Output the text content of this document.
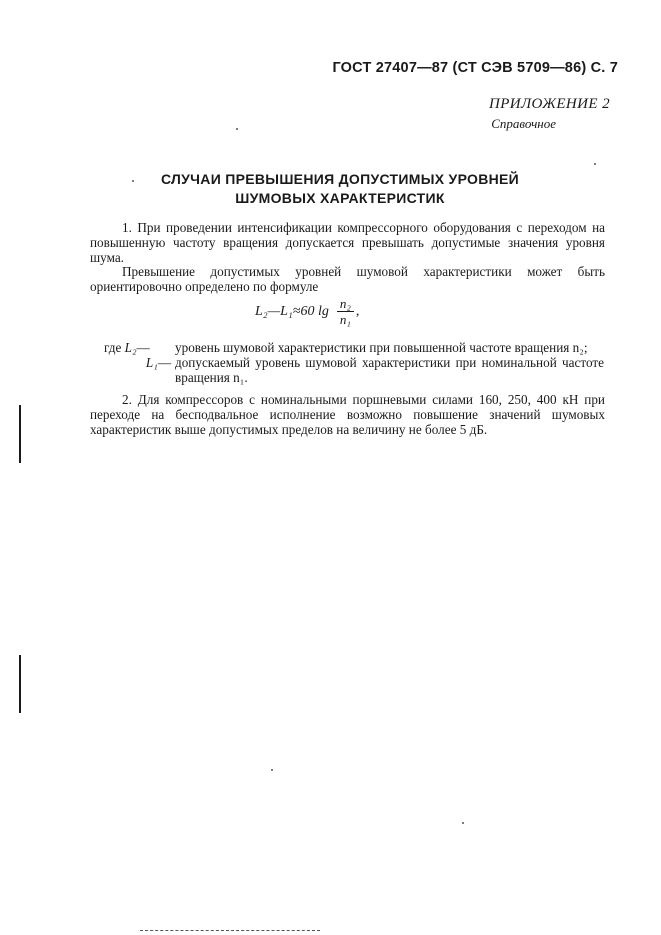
ГОСТ 27407—87 (СТ СЭВ 5709—86) С. 7
ПРИЛОЖЕНИЕ 2
Справочное
СЛУЧАИ ПРЕВЫШЕНИЯ ДОПУСТИМЫХ УРОВНЕЙ
ШУМОВЫХ ХАРАКТЕРИСТИК
1. При проведении интенсификации компрессорного оборудования с переходом на повышенную частоту вращения допускается превышать допустимые значения уровня шума.
Превышение допустимых уровней шумовой характеристики может быть ориентировочно определено по формуле
L₂—L₁≈60 $\lg \frac{\text{n₂}}{\text{n₁}}$ ,
где L₂—	уровень шумовой характеристики при повышенной частоте вращения n₂;
L₁— допускаемый уровень шумовой характеристики при номинальной частоте вращения n₁.
2. Для компрессоров с номинальными поршневыми силами 160, 250, 400 кН при переходе на бесподвальное исполнение возможно повышение значений шумовых характеристик выше допустимых пределов на величину не более 5 дБ.
